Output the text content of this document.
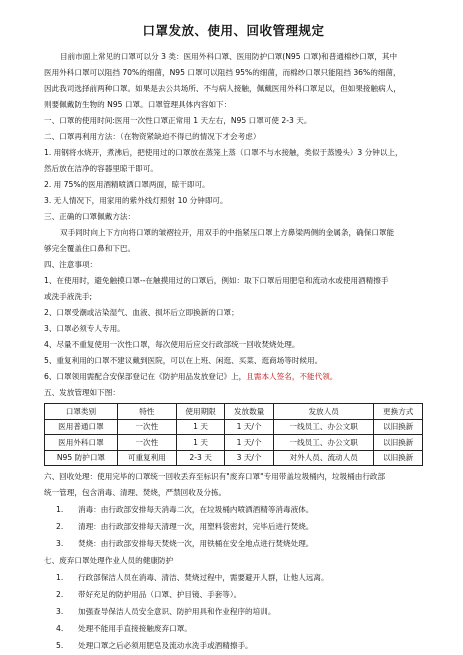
口罩发放、使用、回收管理规定

目前市面上常见的口罩可以分 3 类：医用外科口罩、医用防护口罩(N95 口罩)和普通棉纱口罩，其中

医用外科口罩可以阻挡 70%的细菌，N95 口罩可以阻挡 95%的细菌，而棉纱口罩只能阻挡 36%的细菌，

因此我司选择前两种口罩。如果是去公共场所、不与病人接触，佩戴医用外科口罩足以，但如果接触病人，

则要佩戴防生物的 N95 口罩。口罩管理具体内容如下：

一、口罩的使用时间:医用一次性口罩正常用 1 天左右，N95 口罩可使 2-3 天。

二、口罩再利用方法：（在物资紧缺迫不得已的情况下才会考虑）

1. 用钢将水烧开，煮沸后，把使用过的口罩放在蒸笼上蒸（口罩不与水接触，类似于蒸馒头）3 分钟以上，

然后放在洁净的容器里晾干即可。

2. 用 75%的医用酒精喷洒口罩两面，晾干即可。

3. 无人情况下，用家用的紫外线灯照射 10 分钟即可。

三、正确的口罩佩戴方法：

双手同时向上下方向将口罩的皱褶拉开，用双手的中指紧压口罩上方鼻梁两侧的金属条，确保口罩能

够完全覆盖住口鼻和下巴。

四、注意事项：

1、在使用时，避免触摸口罩--在触摸用过的口罩后，例如：取下口罩后用肥皂和流动水或使用酒精擦手

或洗手液洗手;

2、口罩受潮或沾染湿气、血液、损坏后立即换新的口罩；

3、口罩必须专人专用。

4、尽量不重复使用一次性口罩，每次使用后应交行政部统一回收焚烧处理。

5、重复利用的口罩不建议戴到医院，可以在上班、闲逛、买菜、逛商场等时候用。

6、口罩领用需配合安保部登记在《防护用品发放登记》上，且需本人签名，不能代领。

五、发放管理如下图：

口罩类别	特性	使用期限	发放数量	发放人员	更换方式
医用普通口罩	一次性	1 天	1 天/个	一线员工、办公文职	以旧换新
医用外科口罩	一次性	1 天	1 天/个	一线员工、办公文职	以旧换新
N95 防护口罩	可重复利用	2-3 天	3 天/个	对外人员、流动人员	以旧换新

六、回收处理：使用完毕的口罩统一回收丢弃至标识有"废弃口罩"专用带盖垃圾桶内，垃圾桶由行政部

统一管理，包含消毒、清理、焚烧，严禁回收及分拣。

1.	消毒：由行政部安排每天消毒二次，在垃圾桶内喷洒酒精等消毒液体。
2.	清理：由行政部安排每天清理一次，用塑料袋密封，完毕后进行焚烧。
3.	焚烧：由行政部安排每天焚烧一次，用铁桶在安全地点进行焚烧处理。

七、废弃口罩处理作业人员的健康防护

1.	行政部保洁人员在消毒、清洁、焚烧过程中，需要避开人群，让他人远离。
2.	带好充足的防护用品（口罩、护目镜、手套等）。
3.	加强查导保洁人员安全意识、防护用具和作业程序的培训。
4.	处理不能用手直接接触废弃口罩。
5.	处理口罩之后必须用肥皂及流动水洗手或酒精擦手。
